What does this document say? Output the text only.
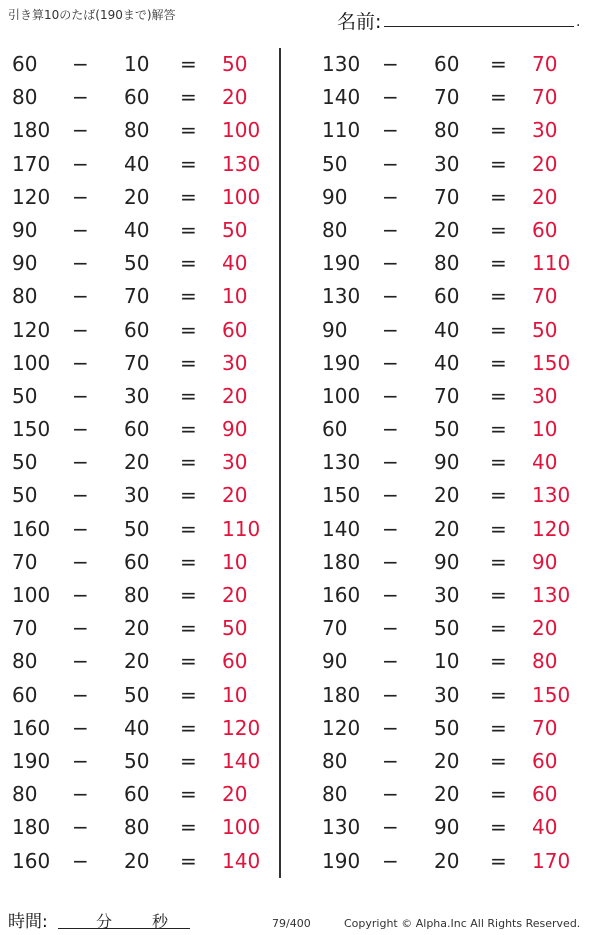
引き算10のたば(190まで)解答	名前:	.
60 − 10 = 50
80 − 60 = 20
180 − 80 = 100
170 − 40 = 130
120 − 20 = 100
90 − 40 = 50
90 − 50 = 40
80 − 70 = 10
120 − 60 = 60
100 − 70 = 30
50 − 30 = 20
150 − 60 = 90
50 − 20 = 30
50 − 30 = 20
160 − 50 = 110
70 − 60 = 10
100 − 80 = 20
70 − 20 = 50
80 − 20 = 60
60 − 50 = 10
160 − 40 = 120
190 − 50 = 140
80 − 60 = 20
180 − 80 = 100
160 − 20 = 140
130 − 60 = 70
140 − 70 = 70
110 − 80 = 30
50 − 30 = 20
90 − 70 = 20
80 − 20 = 60
190 − 80 = 110
130 − 60 = 70
90 − 40 = 50
190 − 40 = 150
100 − 70 = 30
60 − 50 = 10
130 − 90 = 40
150 − 20 = 130
140 − 20 = 120
180 − 90 = 90
160 − 30 = 130
70 − 50 = 20
90 − 10 = 80
180 − 30 = 150
120 − 50 = 70
80 − 20 = 60
80 − 20 = 60
130 − 90 = 40
190 − 20 = 170
時間:	分 秒	79/400	Copyright © Alpha.Inc All Rights Reserved.
